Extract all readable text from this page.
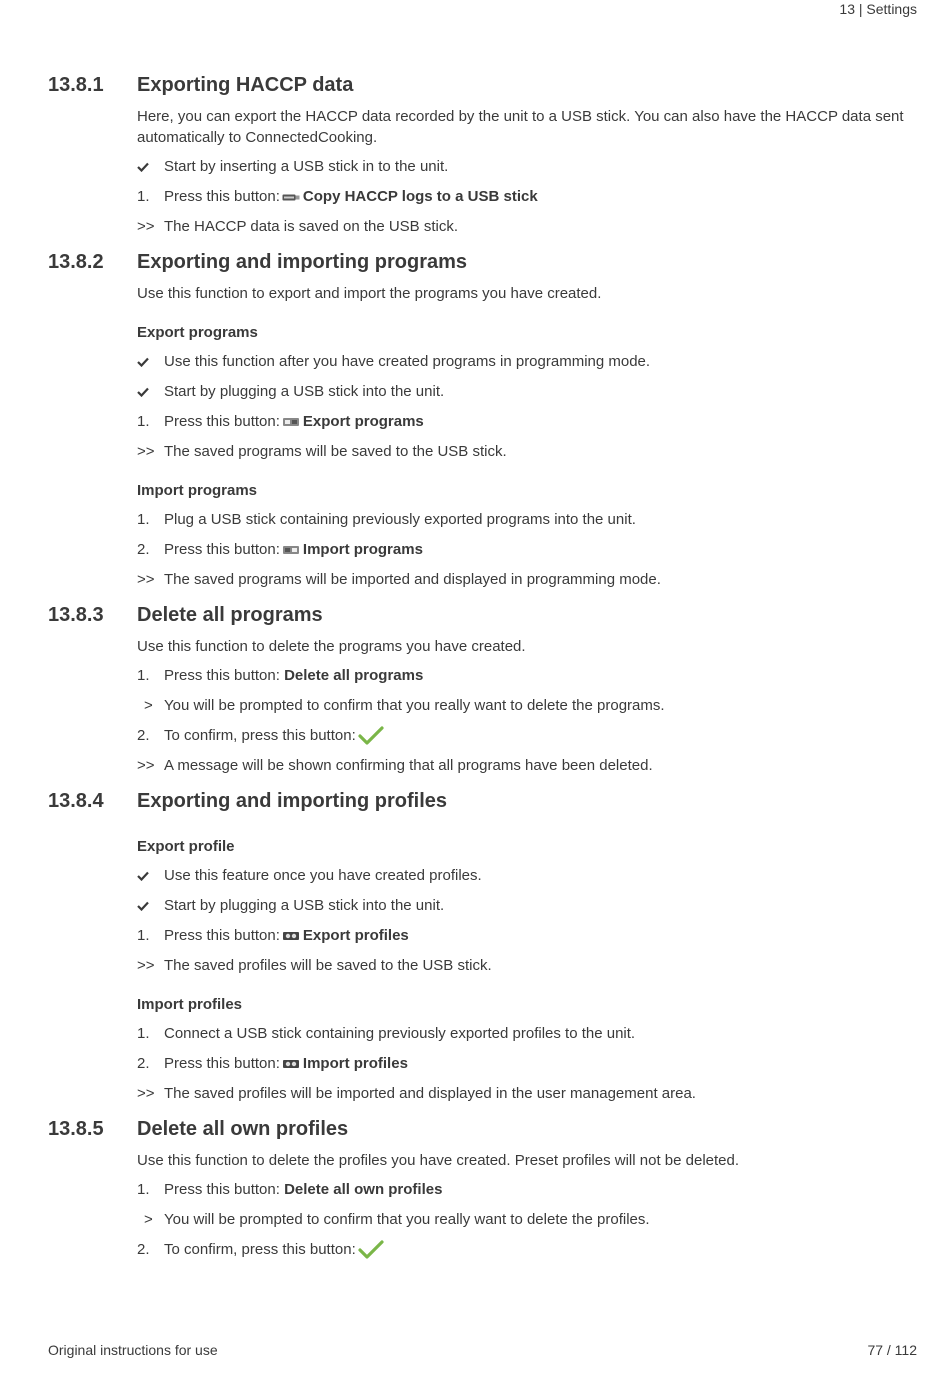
13 | Settings
13.8.1	Exporting HACCP data

Here, you can export the HACCP data recorded by the unit to a USB stick. You can also have the HACCP data sent automatically to ConnectedCooking.

Start by inserting a USB stick in to the unit.
1. Press this button: Copy HACCP logs to a USB stick
>> The HACCP data is saved on the USB stick.
13.8.2	Exporting and importing programs

Use this function to export and import the programs you have created.

Export programs
Use this function after you have created programs in programming mode.
Start by plugging a USB stick into the unit.
1. Press this button: Export programs
>> The saved programs will be saved to the USB stick.
Import programs
1. Plug a USB stick containing previously exported programs into the unit.
2. Press this button: Import programs
>> The saved programs will be imported and displayed in programming mode.
13.8.3	Delete all programs

Use this function to delete the programs you have created.

1. Press this button: Delete all programs
> You will be prompted to confirm that you really want to delete the programs.
2. To confirm, press this button:
>> A message will be shown confirming that all programs have been deleted.
13.8.4	Exporting and importing profiles
Export profile
Use this feature once you have created profiles.
Start by plugging a USB stick into the unit.
1. Press this button: Export profiles
>> The saved profiles will be saved to the USB stick.
Import profiles
1. Connect a USB stick containing previously exported profiles to the unit.
2. Press this button: Import profiles
>> The saved profiles will be imported and displayed in the user management area.
13.8.5	Delete all own profiles

Use this function to delete the profiles you have created. Preset profiles will not be deleted.

1. Press this button: Delete all own profiles
> You will be prompted to confirm that you really want to delete the profiles.
2. To confirm, press this button:
Original instructions for use	77 / 112
